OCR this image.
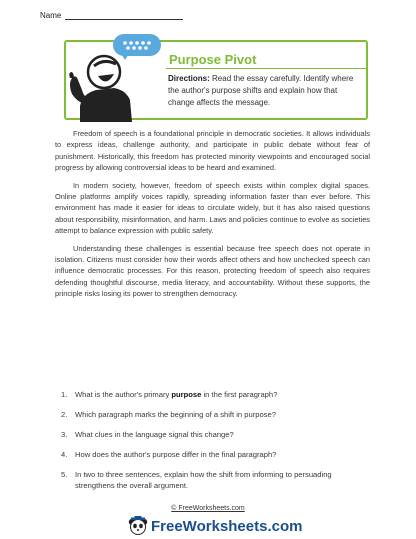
Name
Purpose Pivot
Directions: Read the essay carefully. Identify where the author's purpose shifts and explain how that change affects the message.

Freedom of speech is a foundational principle in democratic societies. It allows individuals to express ideas, challenge authority, and participate in public debate without fear of punishment. Historically, this freedom has protected minority viewpoints and encouraged social progress by allowing controversial ideas to be heard and examined.

In modern society, however, freedom of speech exists within complex digital spaces. Online platforms amplify voices rapidly, spreading information faster than ever before. This environment has made it easier for ideas to circulate widely, but it has also raised questions about responsibility, misinformation, and harm. Laws and policies continue to evolve as societies attempt to balance expression with public safety.

Understanding these challenges is essential because free speech does not operate in isolation. Citizens must consider how their words affect others and how unchecked speech can influence democratic processes. For this reason, protecting freedom of speech also requires defending thoughtful discourse, media literacy, and accountability. Without these supports, the principle risks losing its power to strengthen democracy.

1.	What is the author's primary purpose in the first paragraph?
2.	Which paragraph marks the beginning of a shift in purpose?
3.	What clues in the language signal this change?
4.	How does the author's purpose differ in the final paragraph?
5.	In two to three sentences, explain how the shift from informing to persuading strengthens the overall argument.
© FreeWorksheets.com
FreeWorksheets.com
